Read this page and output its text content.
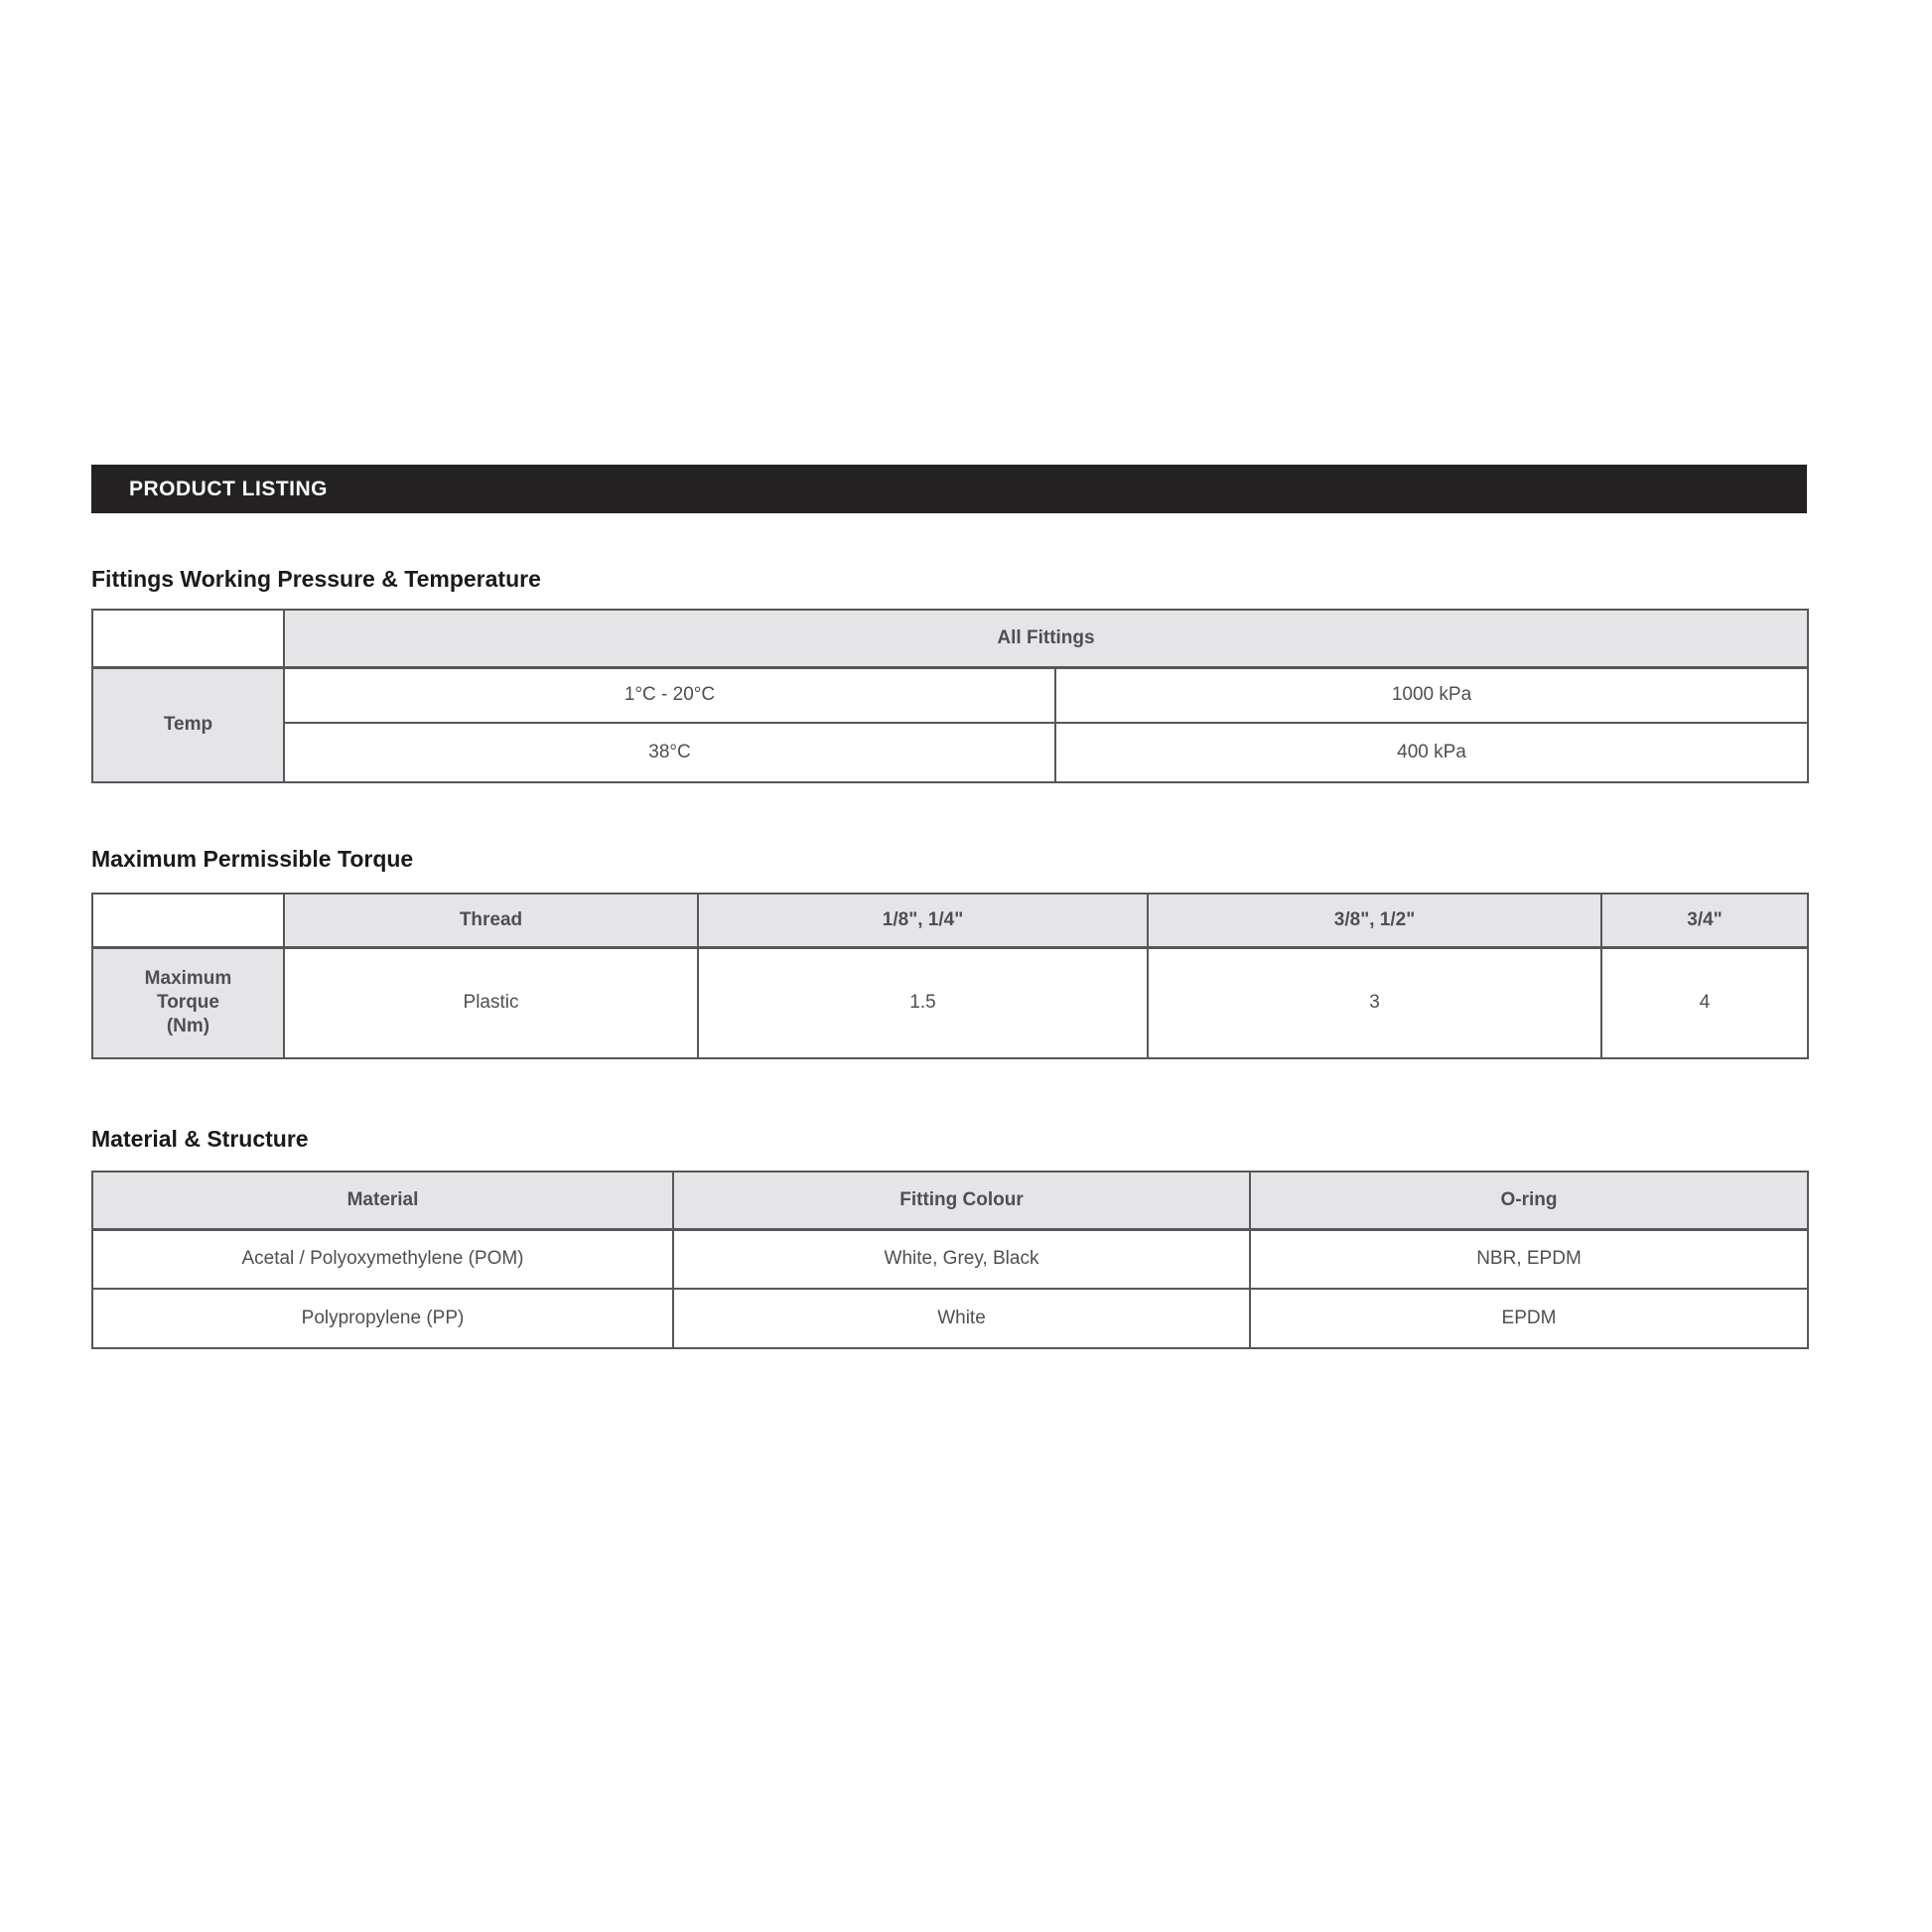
PRODUCT LISTING
Fittings Working Pressure & Temperature
	All Fittings	
Temp	1°C - 20°C	1000 kPa
	38°C	400 kPa
Maximum Permissible Torque
	Thread	1/8", 1/4"	3/8", 1/2"	3/4"

Maximum
Torque
(Nm)	Plastic	1.5	3	4
Material & Structure
Material	Fitting Colour	O-ring
Acetal / Polyoxymethylene (POM)	White, Grey, Black	NBR, EPDM
Polypropylene (PP)	White	EPDM
